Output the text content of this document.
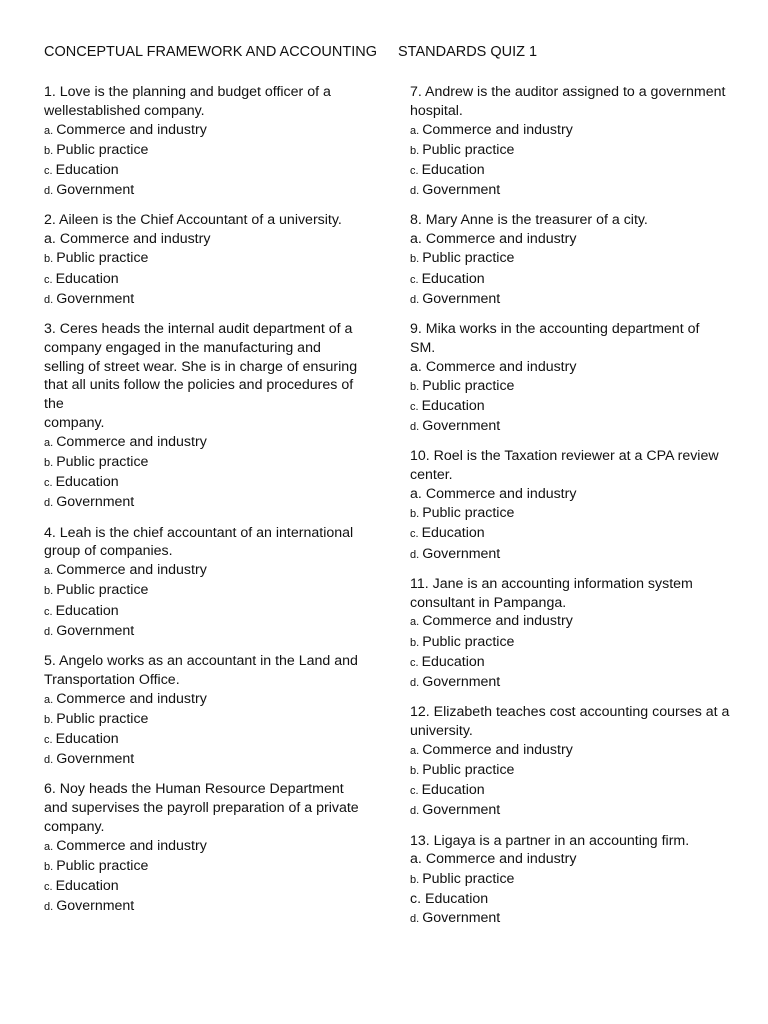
CONCEPTUAL FRAMEWORK AND ACCOUNTING STANDARDS QUIZ 1
1. Love is the planning and budget officer of a
wellestablished company.
a. Commerce and industry
b. Public practice
c. Education
d. Government
2. Aileen is the Chief Accountant of a university.
a. Commerce and industry
b. Public practice
c. Education
d. Government
3. Ceres heads the internal audit department of a
company engaged in the manufacturing and
selling of street wear. She is in charge of ensuring
that all units follow the policies and procedures of
the
company.
a. Commerce and industry
b. Public practice
c. Education
d. Government
4. Leah is the chief accountant of an international
group of companies.
a. Commerce and industry
b. Public practice
c. Education
d. Government
5. Angelo works as an accountant in the Land and
Transportation Office.
a. Commerce and industry
b. Public practice
c. Education
d. Government
6. Noy heads the Human Resource Department
and supervises the payroll preparation of a private
company.
a. Commerce and industry
b. Public practice
c. Education
d. Government
7. Andrew is the auditor assigned to a government
hospital.
a. Commerce and industry
b. Public practice
c. Education
d. Government
8. Mary Anne is the treasurer of a city.
a. Commerce and industry
b. Public practice
c. Education
d. Government
9. Mika works in the accounting department of
SM.
a. Commerce and industry
b. Public practice
c. Education
d. Government
10. Roel is the Taxation reviewer at a CPA review
center.
a. Commerce and industry
b. Public practice
c. Education
d. Government
11. Jane is an accounting information system
consultant in Pampanga.
a. Commerce and industry
b. Public practice
c. Education
d. Government
12. Elizabeth teaches cost accounting courses at a
university.
a. Commerce and industry
b. Public practice
c. Education
d. Government
13. Ligaya is a partner in an accounting firm.
a. Commerce and industry
b. Public practice
c. Education
d. Government
